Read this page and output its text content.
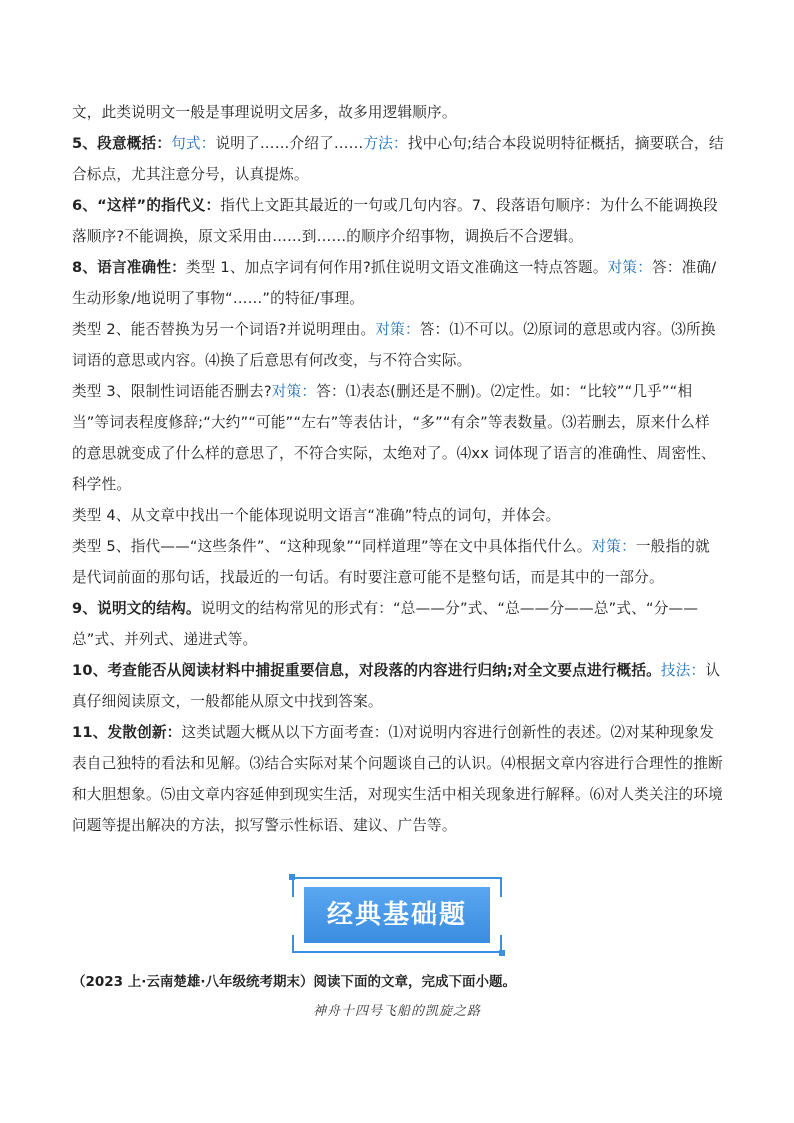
文，此类说明文一般是事理说明文居多，故多用逻辑顺序。

5、段意概括：句式：说明了……介绍了……方法：找中心句;结合本段说明特征概括，摘要联合，结合标点，尤其注意分号，认真提炼。

6、“这样”的指代义：指代上文距其最近的一句或几句内容。7、段落语句顺序：为什么不能调换段落顺序?不能调换，原文采用由……到……的顺序介绍事物，调换后不合逻辑。

8、语言准确性：类型 1、加点字词有何作用?抓住说明文语文准确这一特点答题。对策：答：准确/生动形象/地说明了事物“……”的特征/事理。

类型 2、能否替换为另一个词语?并说明理由。对策：答：⑴不可以。⑵原词的意思或内容。⑶所换词语的意思或内容。⑷换了后意思有何改变，与不符合实际。

类型 3、限制性词语能否删去?对策：答：⑴表态(删还是不删)。⑵定性。如：“比较”“几乎”“相当”等词表程度修辞;“大约”“可能”“左右”等表估计，“多”“有余”等表数量。⑶若删去，原来什么样的意思就变成了什么样的意思了，不符合实际，太绝对了。⑷xx 词体现了语言的准确性、周密性、科学性。

类型 4、从文章中找出一个能体现说明文语言“准确”特点的词句，并体会。

类型 5、指代——“这些条件”、“这种现象”“同样道理”等在文中具体指代什么。对策：一般指的就是代词前面的那句话，找最近的一句话。有时要注意可能不是整句话，而是其中的一部分。

9、说明文的结构。说明文的结构常见的形式有：“总——分”式、“总——分——总”式、“分——总”式、并列式、递进式等。

10、考查能否从阅读材料中捕捉重要信息，对段落的内容进行归纳;对全文要点进行概括。技法：认真仔细阅读原文，一般都能从原文中找到答案。

11、发散创新：这类试题大概从以下方面考查：⑴对说明内容进行创新性的表述。⑵对某种现象发表自己独特的看法和见解。⑶结合实际对某个问题谈自己的认识。⑷根据文章内容进行合理性的推断和大胆想象。⑸由文章内容延伸到现实生活，对现实生活中相关现象进行解释。⑹对人类关注的环境问题等提出解决的方法，拟写警示性标语、建议、广告等。

经典基础题
（2023 上·云南楚雄·八年级统考期末）阅读下面的文章，完成下面小题。
神舟十四号飞船的凯旋之路
